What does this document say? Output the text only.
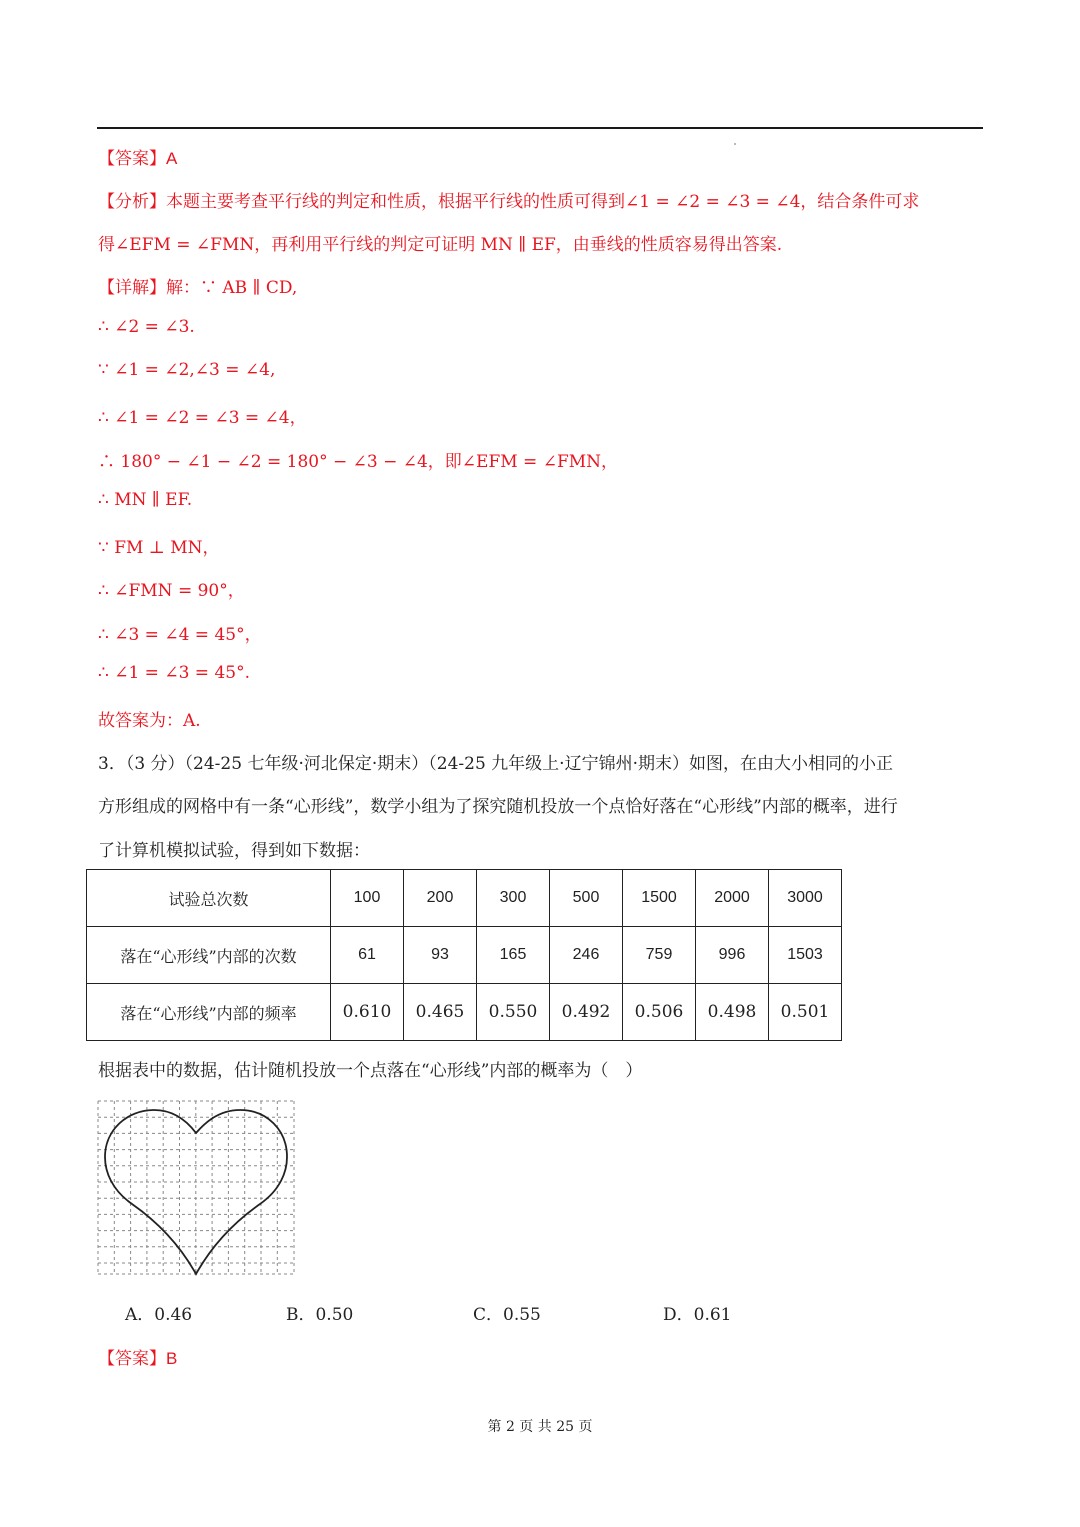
【答案】A
【分析】本题主要考查平行线的判定和性质，根据平行线的性质可得到∠1 = ∠2 = ∠3 = ∠4，结合条件可求
得∠EFM = ∠FMN，再利用平行线的判定可证明 MN ∥ EF，由垂线的性质容易得出答案.
【详解】解：∵ AB ∥ CD,
∴ ∠2 = ∠3.
∵ ∠1 = ∠2,∠3 = ∠4,
∴ ∠1 = ∠2 = ∠3 = ∠4，
∴ 180° − ∠1 − ∠2 = 180° − ∠3 − ∠4，即∠EFM = ∠FMN，
∴ MN ∥ EF.
∵ FM ⊥ MN，
∴ ∠FMN = 90°，
∴ ∠3 = ∠4 = 45°，
∴ ∠1 = ∠3 = 45°.
故答案为：A.
3．（3 分）（24-25 七年级·河北保定·期末）（24-25 九年级上·辽宁锦州·期末）如图，在由大小相同的小正
方形组成的网格中有一条“心形线”，数学小组为了探究随机投放一个点恰好落在“心形线”内部的概率，进行
了计算机模拟试验，得到如下数据：
试验总次数	100	200	300	500	1500	2000	3000
落在“心形线”内部的次数	61	93	165	246	759	996	1503
落在“心形线”内部的频率	0.610	0.465	0.550	0.492	0.506	0.498	0.501
根据表中的数据，估计随机投放一个点落在“心形线”内部的概率为（　）
A．0.46	B．0.50	C．0.55	D．0.61
【答案】B
第 2 页 共 25 页
